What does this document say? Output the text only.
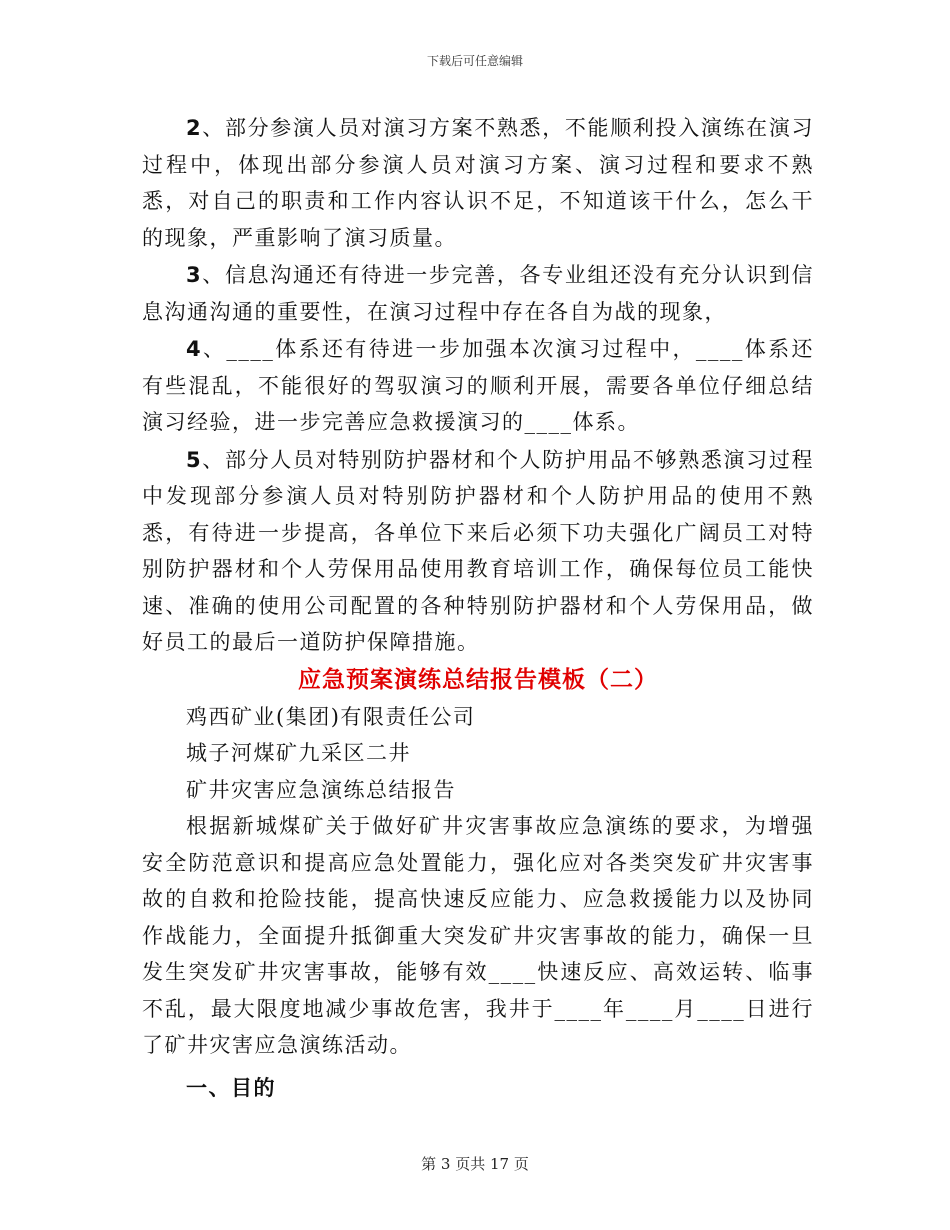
下载后可任意编辑

2、部分参演人员对演习方案不熟悉，不能顺利投入演练在演习过程中，体现出部分参演人员对演习方案、演习过程和要求不熟悉，对自己的职责和工作内容认识不足，不知道该干什么，怎么干的现象，严重影响了演习质量。

3、信息沟通还有待进一步完善，各专业组还没有充分认识到信息沟通沟通的重要性，在演习过程中存在各自为战的现象，

4、____体系还有待进一步加强本次演习过程中，____体系还有些混乱，不能很好的驾驭演习的顺利开展，需要各单位仔细总结演习经验，进一步完善应急救援演习的____体系。

5、部分人员对特别防护器材和个人防护用品不够熟悉演习过程中发现部分参演人员对特别防护器材和个人防护用品的使用不熟悉，有待进一步提高，各单位下来后必须下功夫强化广阔员工对特别防护器材和个人劳保用品使用教育培训工作，确保每位员工能快速、准确的使用公司配置的各种特别防护器材和个人劳保用品，做好员工的最后一道防护保障措施。

应急预案演练总结报告模板（二）

鸡西矿业(集团)有限责任公司

城子河煤矿九采区二井

矿井灾害应急演练总结报告

根据新城煤矿关于做好矿井灾害事故应急演练的要求，为增强安全防范意识和提高应急处置能力，强化应对各类突发矿井灾害事故的自救和抢险技能，提高快速反应能力、应急救援能力以及协同作战能力，全面提升抵御重大突发矿井灾害事故的能力，确保一旦发生突发矿井灾害事故，能够有效____快速反应、高效运转、临事不乱，最大限度地减少事故危害，我井于____年____月____日进行了矿井灾害应急演练活动。

一、目的

第 3 页共 17 页
